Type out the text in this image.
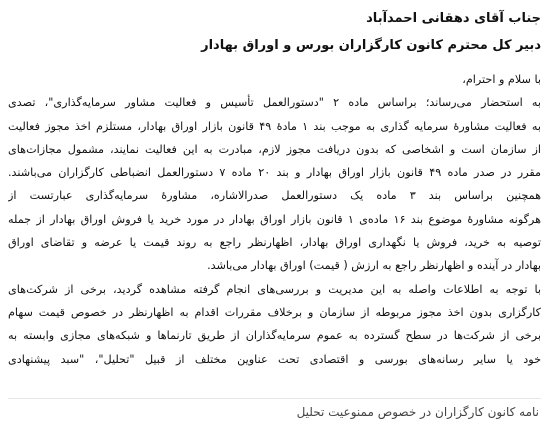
جناب آقای دهقانی احمدآباد
دبیر کل محترم کانون کارگزاران بورس و اوراق بهادار
با سلام و احترام،
به استحضار می‌رساند؛ براساس ماده ۲ "دستورالعمل تأسیس و فعالیت مشاور سرمایه‌گذاری"، تصدی
به فعالیت مشاورهٔ سرمایه گذاری به موجب بند ۱ مادهٔ ۴۹ قانون بازار اوراق بهادار، مستلزم اخذ مجوز فعالیت
از سازمان است و اشخاصی که بدون دریافت مجوز لازم، مبادرت به این فعالیت نمایند، مشمول مجازات‌های
مقرر در صدر ماده ۴۹ قانون بازار اوراق بهادار و بند ۲۰ ماده ۷ دستورالعمل انضباطی کارگزاران می‌باشند.
همچنین براساس بند ۳ ماده یک دستورالعمل صدرالاشاره، مشاورهٔ سرمایه‌گذاری عبارتست از
هرگونه مشاورهٔ موضوع بند ۱۶ ماده‌ی ۱ قانون بازار اوراق بهادار در مورد خرید یا فروش اوراق بهادار از جمله
توصیه به خرید، فروش یا نگهداری اوراق بهادار، اظهارنظر راجع به روند قیمت یا عرضه و تقاضای اوراق
بهادار در آینده و اظهارنظر راجع به ارزش ( قیمت) اوراق بهادار می‌باشد.
با توجه به اطلاعات واصله به این مدیریت و بررسی‌های انجام گرفته مشاهده گردید، برخی از شرکت‌های
کارگزاری بدون اخذ مجوز مربوطه از سازمان و برخلاف مقررات اقدام به اظهارنظر در خصوص قیمت سهام
برخی از شرکت‌ها در سطح گسترده به عموم سرمایه‌گذاران از طریق تارنماها و شبکه‌های مجازی وابسته به
خود یا سایر رسانه‌های بورسی و اقتصادی تحت عناوین مختلف از قبیل "تحلیل"، "سبد پیشنهادی
نامه کانون کارگزاران در خصوص ممنوعیت تحلیل
